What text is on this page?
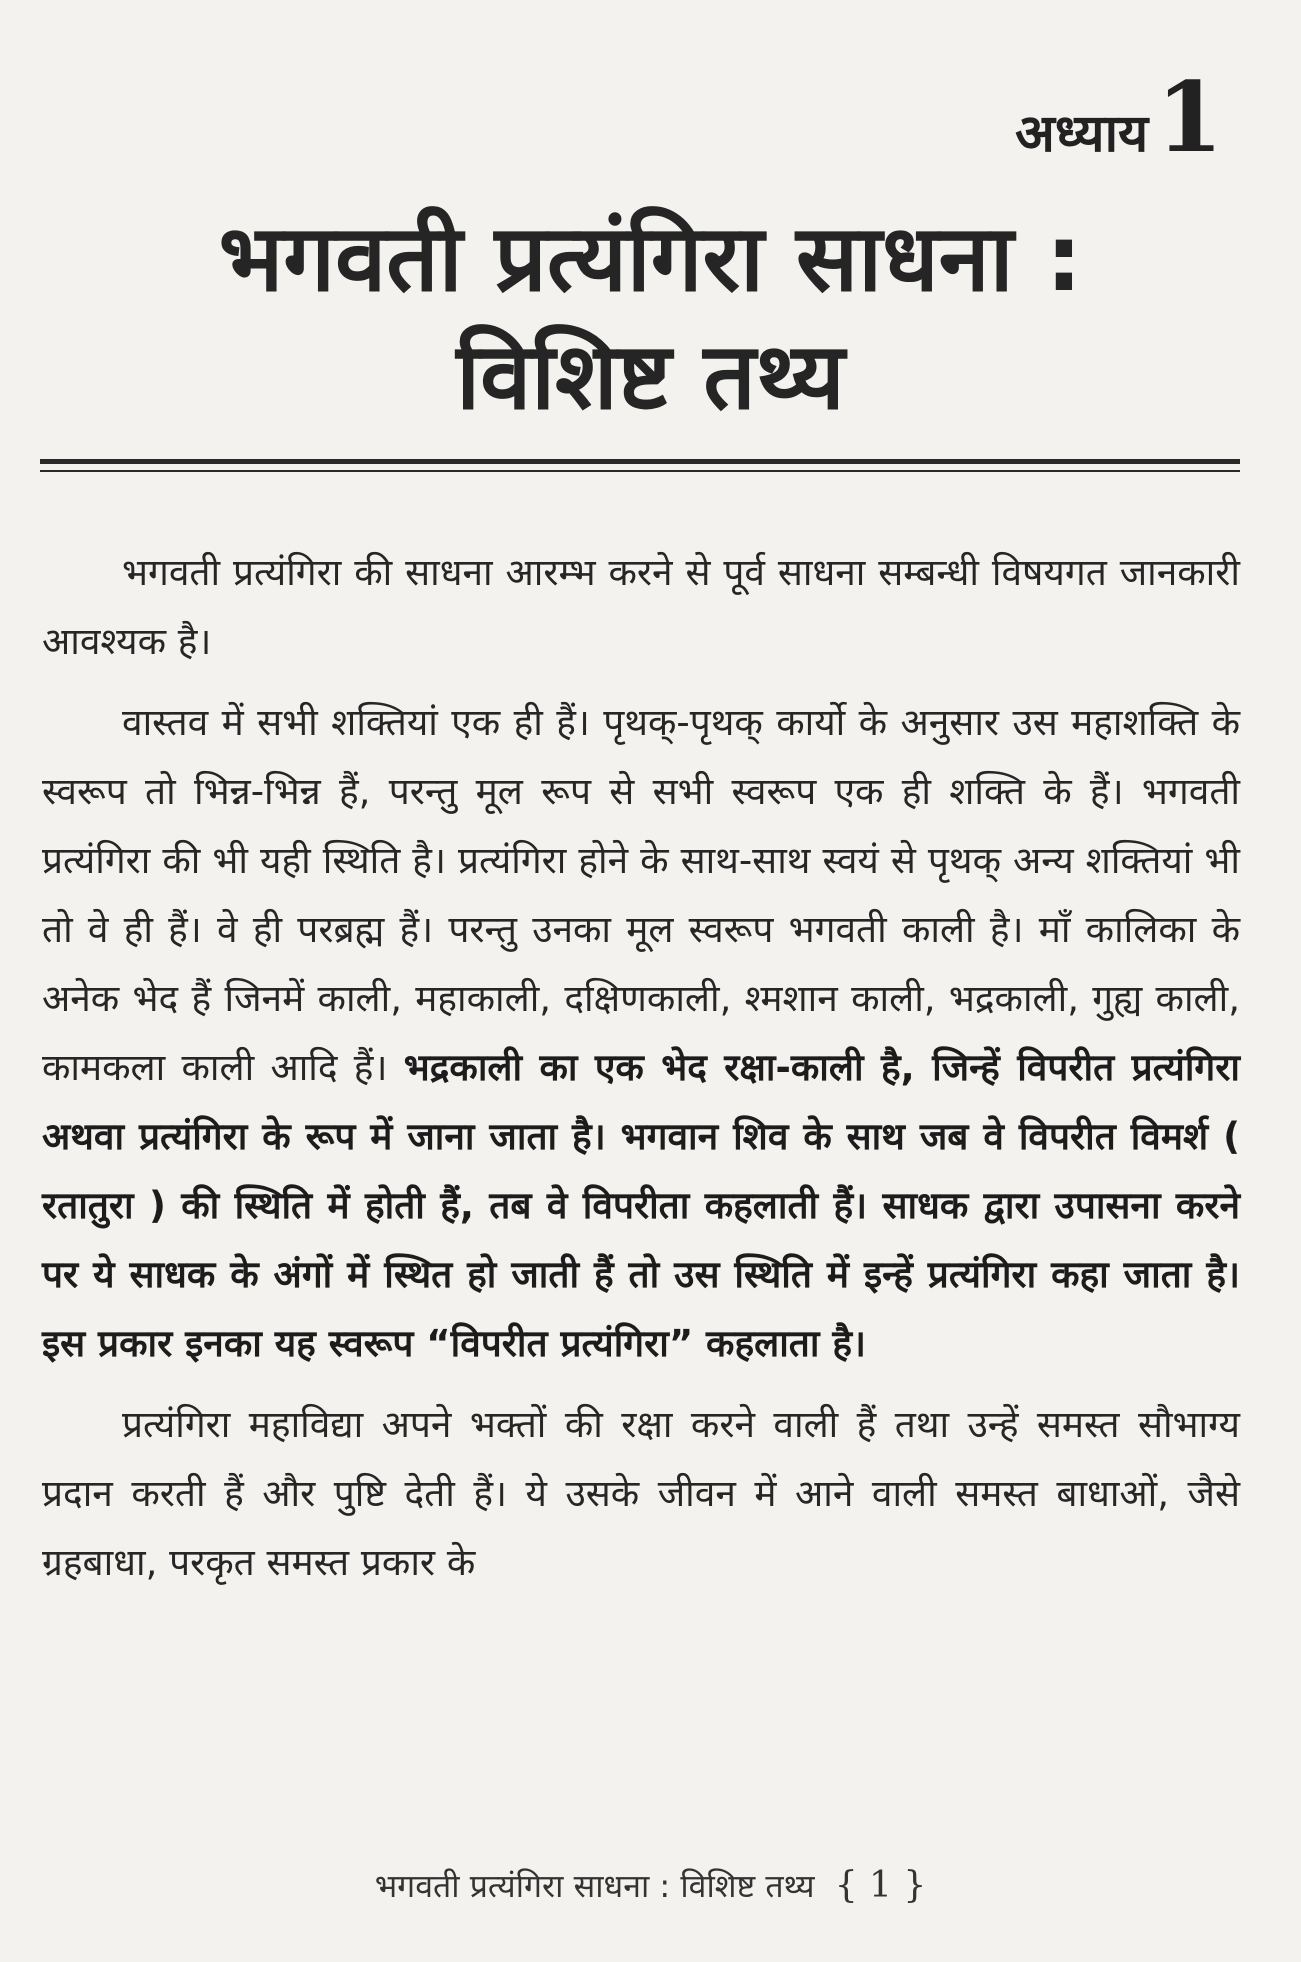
अध्याय 1
भगवती प्रत्यंगिरा साधना :
विशिष्ट तथ्य

भगवती प्रत्यंगिरा की साधना आरम्भ करने से पूर्व साधना सम्बन्धी विषयगत जानकारी आवश्यक है।

वास्तव में सभी शक्तियां एक ही हैं। पृथक्-पृथक् कार्यो के अनुसार उस महाशक्ति के स्वरूप तो भिन्न-भिन्न हैं, परन्तु मूल रूप से सभी स्वरूप एक ही शक्ति के हैं। भगवती प्रत्यंगिरा की भी यही स्थिति है। प्रत्यंगिरा होने के साथ-साथ स्वयं से पृथक् अन्य शक्तियां भी तो वे ही हैं। वे ही परब्रह्म हैं। परन्तु उनका मूल स्वरूप भगवती काली है। माँ कालिका के अनेक भेद हैं जिनमें काली, महाकाली, दक्षिणकाली, श्मशान काली, भद्रकाली, गुह्य काली, कामकला काली आदि हैं। भद्रकाली का एक भेद रक्षा-काली है, जिन्हें विपरीत प्रत्यंगिरा अथवा प्रत्यंगिरा के रूप में जाना जाता है। भगवान शिव के साथ जब वे विपरीत विमर्श ( रतातुरा ) की स्थिति में होती हैं, तब वे विपरीता कहलाती हैं। साधक द्वारा उपासना करने पर ये साधक के अंगों में स्थित हो जाती हैं तो उस स्थिति में इन्हें प्रत्यंगिरा कहा जाता है। इस प्रकार इनका यह स्वरूप “विपरीत प्रत्यंगिरा” कहलाता है।

प्रत्यंगिरा महाविद्या अपने भक्तों की रक्षा करने वाली हैं तथा उन्हें समस्त सौभाग्य प्रदान करती हैं और पुष्टि देती हैं। ये उसके जीवन में आने वाली समस्त बाधाओं, जैसे ग्रहबाधा, परकृत समस्त प्रकार के

भगवती प्रत्यंगिरा साधना : विशिष्ट तथ्य { 1 }
